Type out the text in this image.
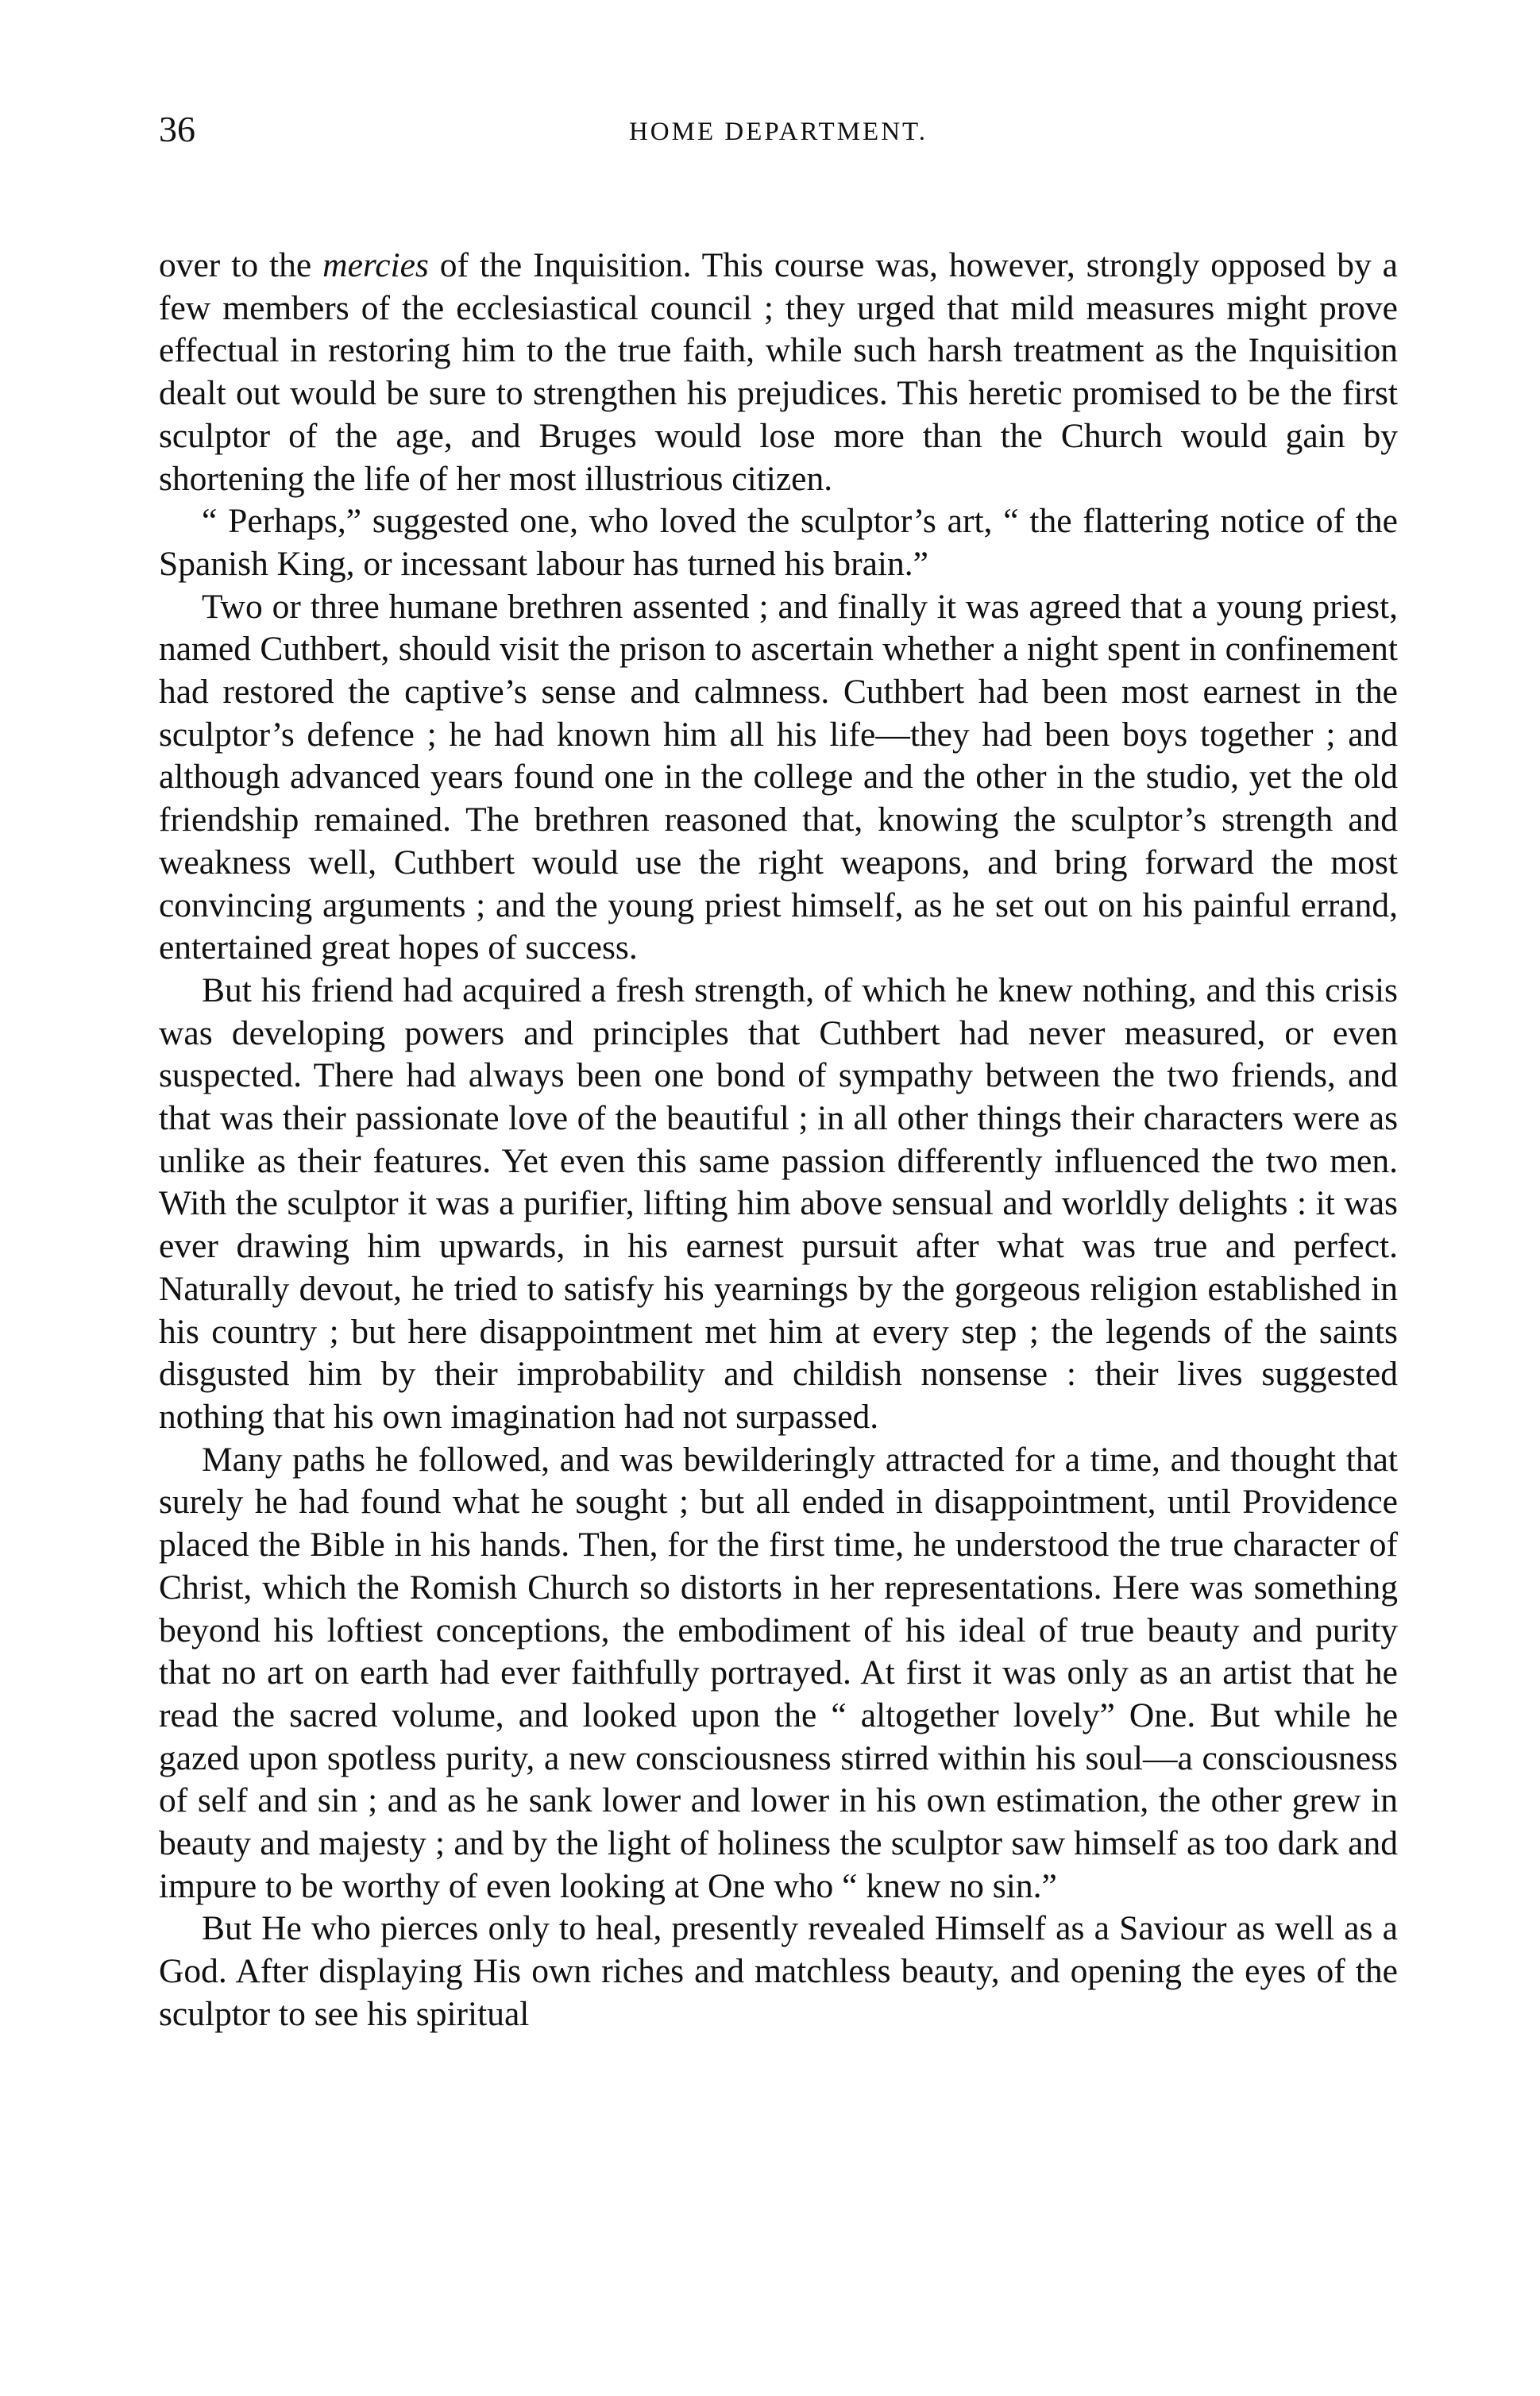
36	HOME DEPARTMENT.

over to the mercies of the Inquisition. This course was, however, strongly opposed by a few members of the ecclesiastical council ; they urged that mild measures might prove effectual in restoring him to the true faith, while such harsh treatment as the Inquisition dealt out would be sure to strengthen his prejudices. This heretic promised to be the first sculptor of the age, and Bruges would lose more than the Church would gain by shortening the life of her most illustrious citizen.

“ Perhaps,” suggested one, who loved the sculptor’s art, “ the flattering notice of the Spanish King, or incessant labour has turned his brain.”

Two or three humane brethren assented ; and finally it was agreed that a young priest, named Cuthbert, should visit the prison to ascertain whether a night spent in confinement had restored the captive’s sense and calmness. Cuthbert had been most earnest in the sculptor’s defence ; he had known him all his life—they had been boys together ; and although advanced years found one in the college and the other in the studio, yet the old friendship remained. The brethren reasoned that, knowing the sculptor’s strength and weakness well, Cuthbert would use the right weapons, and bring forward the most convincing arguments ; and the young priest himself, as he set out on his painful errand, entertained great hopes of success.

But his friend had acquired a fresh strength, of which he knew nothing, and this crisis was developing powers and principles that Cuthbert had never measured, or even suspected. There had always been one bond of sympathy between the two friends, and that was their passionate love of the beautiful ; in all other things their characters were as unlike as their features. Yet even this same passion differently influenced the two men. With the sculptor it was a purifier, lifting him above sensual and worldly delights : it was ever drawing him upwards, in his earnest pursuit after what was true and perfect. Naturally devout, he tried to satisfy his yearnings by the gorgeous religion established in his country ; but here disappointment met him at every step ; the legends of the saints disgusted him by their improbability and childish nonsense : their lives suggested nothing that his own imagination had not surpassed.

Many paths he followed, and was bewilderingly attracted for a time, and thought that surely he had found what he sought ; but all ended in disappointment, until Providence placed the Bible in his hands. Then, for the first time, he understood the true character of Christ, which the Romish Church so distorts in her representations. Here was something beyond his loftiest conceptions, the embodiment of his ideal of true beauty and purity that no art on earth had ever faithfully portrayed. At first it was only as an artist that he read the sacred volume, and looked upon the “ altogether lovely” One. But while he gazed upon spotless purity, a new consciousness stirred within his soul—a consciousness of self and sin ; and as he sank lower and lower in his own estimation, the other grew in beauty and majesty ; and by the light of holiness the sculptor saw himself as too dark and impure to be worthy of even looking at One who “ knew no sin.”

But He who pierces only to heal, presently revealed Himself as a Saviour as well as a God. After displaying His own riches and matchless beauty, and opening the eyes of the sculptor to see his spiritual
